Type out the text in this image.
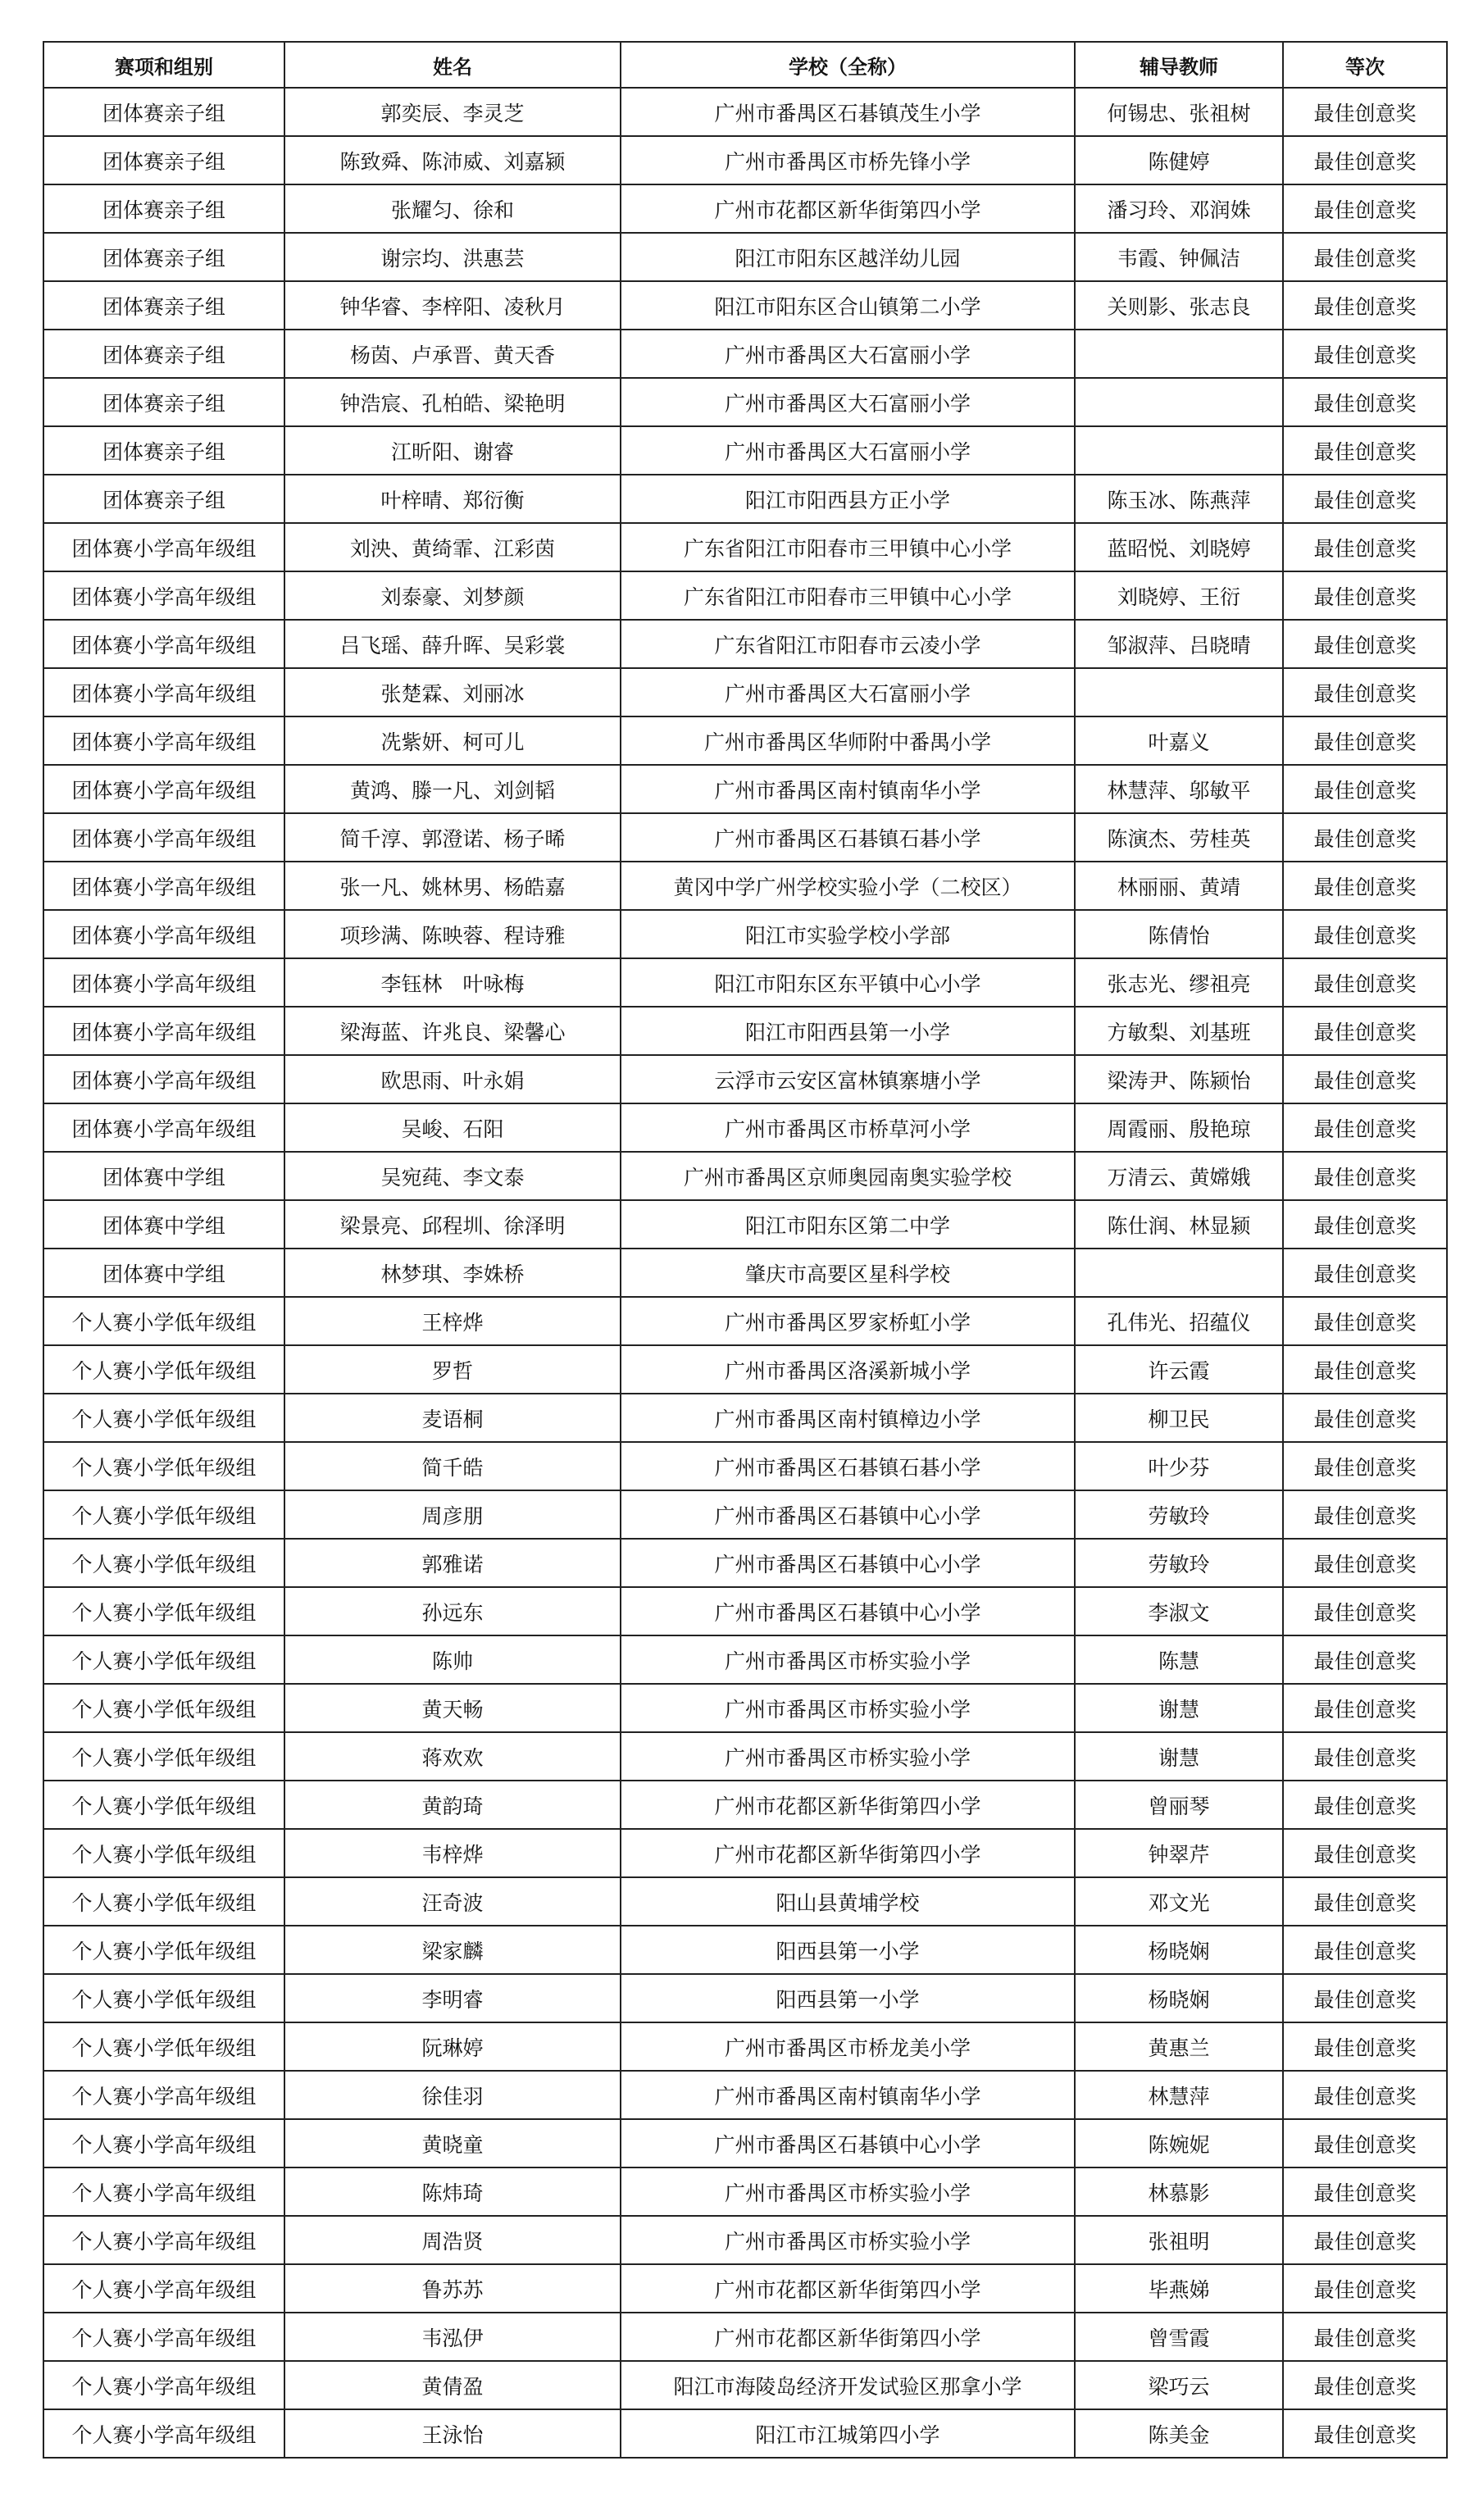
赛项和组别	姓名	学校（全称）	辅导教师	等次
团体赛亲子组	郭奕辰、李灵芝	广州市番禺区石碁镇茂生小学	何锡忠、张祖树	最佳创意奖
团体赛亲子组	陈致舜、陈沛威、刘嘉颍	广州市番禺区市桥先锋小学	陈健婷	最佳创意奖
团体赛亲子组	张耀匀、徐和	广州市花都区新华街第四小学	潘习玲、邓润姝	最佳创意奖
团体赛亲子组	谢宗均、洪惠芸	阳江市阳东区越洋幼儿园	韦霞、钟佩洁	最佳创意奖
团体赛亲子组	钟华睿、李梓阳、凌秋月	阳江市阳东区合山镇第二小学	关则影、张志良	最佳创意奖
团体赛亲子组	杨茵、卢承晋、黄天香	广州市番禺区大石富丽小学		最佳创意奖
团体赛亲子组	钟浩宸、孔柏皓、梁艳明	广州市番禺区大石富丽小学		最佳创意奖
团体赛亲子组	江昕阳、谢睿	广州市番禺区大石富丽小学		最佳创意奖
团体赛亲子组	叶梓晴、郑衍衡	阳江市阳西县方正小学	陈玉冰、陈燕萍	最佳创意奖
团体赛小学高年级组	刘泱、黄绮霏、江彩茵	广东省阳江市阳春市三甲镇中心小学	蓝昭悦、刘晓婷	最佳创意奖
团体赛小学高年级组	刘泰豪、刘梦颜	广东省阳江市阳春市三甲镇中心小学	刘晓婷、王衍	最佳创意奖
团体赛小学高年级组	吕飞瑶、薛升晖、吴彩裳	广东省阳江市阳春市云凌小学	邹淑萍、吕晓晴	最佳创意奖
团体赛小学高年级组	张楚霖、刘丽冰	广州市番禺区大石富丽小学		最佳创意奖
团体赛小学高年级组	冼紫妍、柯可儿	广州市番禺区华师附中番禺小学	叶嘉义	最佳创意奖
团体赛小学高年级组	黄鸿、滕一凡、刘剑韬	广州市番禺区南村镇南华小学	林慧萍、邬敏平	最佳创意奖
团体赛小学高年级组	简千淳、郭澄诺、杨子晞	广州市番禺区石碁镇石碁小学	陈演杰、劳桂英	最佳创意奖
团体赛小学高年级组	张一凡、姚林男、杨皓嘉	黄冈中学广州学校实验小学（二校区）	林丽丽、黄靖	最佳创意奖
团体赛小学高年级组	项珍满、陈映蓉、程诗雅	阳江市实验学校小学部	陈倩怡	最佳创意奖
团体赛小学高年级组	李钰林　叶咏梅	阳江市阳东区东平镇中心小学	张志光、缪祖亮	最佳创意奖
团体赛小学高年级组	梁海蓝、许兆良、梁馨心	阳江市阳西县第一小学	方敏梨、刘基班	最佳创意奖
团体赛小学高年级组	欧思雨、叶永娟	云浮市云安区富林镇寨塘小学	梁涛尹、陈颍怡	最佳创意奖
团体赛小学高年级组	吴峻、石阳	广州市番禺区市桥草河小学	周霞丽、殷艳琼	最佳创意奖
团体赛中学组	吴宛莼、李文泰	广州市番禺区京师奥园南奥实验学校	万清云、黄嫦娥	最佳创意奖
团体赛中学组	梁景亮、邱程圳、徐泽明	阳江市阳东区第二中学	陈仕润、林显颍	最佳创意奖
团体赛中学组	林梦琪、李姝桥	肇庆市高要区星科学校		最佳创意奖
个人赛小学低年级组	王梓烨	广州市番禺区罗家桥虹小学	孔伟光、招蕴仪	最佳创意奖
个人赛小学低年级组	罗哲	广州市番禺区洛溪新城小学	许云霞	最佳创意奖
个人赛小学低年级组	麦语桐	广州市番禺区南村镇樟边小学	柳卫民	最佳创意奖
个人赛小学低年级组	简千皓	广州市番禺区石碁镇石碁小学	叶少芬	最佳创意奖
个人赛小学低年级组	周彦朋	广州市番禺区石碁镇中心小学	劳敏玲	最佳创意奖
个人赛小学低年级组	郭雅诺	广州市番禺区石碁镇中心小学	劳敏玲	最佳创意奖
个人赛小学低年级组	孙远东	广州市番禺区石碁镇中心小学	李淑文	最佳创意奖
个人赛小学低年级组	陈帅	广州市番禺区市桥实验小学	陈慧	最佳创意奖
个人赛小学低年级组	黄天畅	广州市番禺区市桥实验小学	谢慧	最佳创意奖
个人赛小学低年级组	蒋欢欢	广州市番禺区市桥实验小学	谢慧	最佳创意奖
个人赛小学低年级组	黄韵琦	广州市花都区新华街第四小学	曾丽琴	最佳创意奖
个人赛小学低年级组	韦梓烨	广州市花都区新华街第四小学	钟翠芹	最佳创意奖
个人赛小学低年级组	汪奇波	阳山县黄埔学校	邓文光	最佳创意奖
个人赛小学低年级组	梁家麟	阳西县第一小学	杨晓娴	最佳创意奖
个人赛小学低年级组	李明睿	阳西县第一小学	杨晓娴	最佳创意奖
个人赛小学低年级组	阮琳婷	广州市番禺区市桥龙美小学	黄惠兰	最佳创意奖
个人赛小学高年级组	徐佳羽	广州市番禺区南村镇南华小学	林慧萍	最佳创意奖
个人赛小学高年级组	黄晓童	广州市番禺区石碁镇中心小学	陈婉妮	最佳创意奖
个人赛小学高年级组	陈炜琦	广州市番禺区市桥实验小学	林慕影	最佳创意奖
个人赛小学高年级组	周浩贤	广州市番禺区市桥实验小学	张祖明	最佳创意奖
个人赛小学高年级组	鲁苏苏	广州市花都区新华街第四小学	毕燕娣	最佳创意奖
个人赛小学高年级组	韦泓伊	广州市花都区新华街第四小学	曾雪霞	最佳创意奖
个人赛小学高年级组	黄倩盈	阳江市海陵岛经济开发试验区那拿小学	梁巧云	最佳创意奖
个人赛小学高年级组	王泳怡	阳江市江城第四小学	陈美金	最佳创意奖
